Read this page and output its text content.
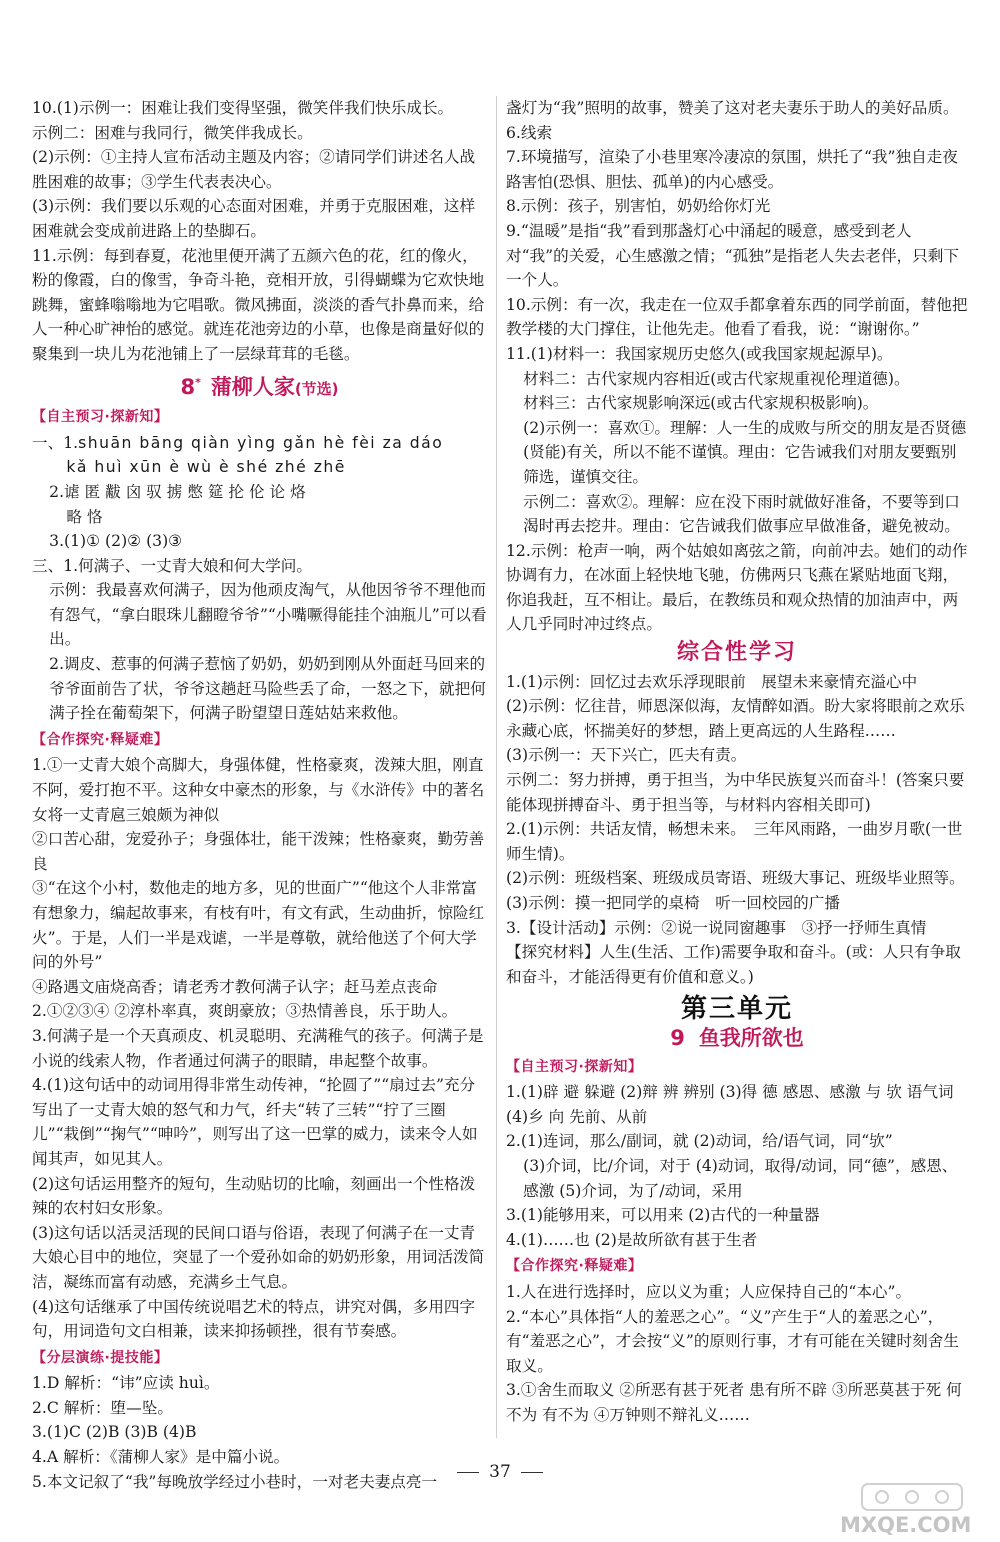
10.(1)示例一：困难让我们变得坚强，微笑伴我们快乐成长。

示例二：困难与我同行，微笑伴我成长。

(2)示例：①主持人宣布活动主题及内容；②请同学们讲述名人战胜困难的故事；③学生代表表决心。

(3)示例：我们要以乐观的心态面对困难，并勇于克服困难，这样困难就会变成前进路上的垫脚石。

11.示例：每到春夏，花池里便开满了五颜六色的花，红的像火，粉的像霞，白的像雪，争奇斗艳，竞相开放，引得蝴蝶为它欢快地跳舞，蜜蜂嗡嗡地为它唱歌。微风拂面，淡淡的香气扑鼻而来，给人一种心旷神怡的感觉。就连花池旁边的小草，也像是商量好似的聚集到一块儿为花池铺上了一层绿茸茸的毛毯。

8* 蒲柳人家(节选)
【自主预习·探新知】

一、1.shuān bāng qiàn yìng gǎn hè fèi za dáo

kǎ huì xūn è wù è shé zhé zhē

2.谑 匿 黻 囟 驭 掳 憋 筵 抡 伦 论 烙

略 恪

3.(1)① (2)② (3)③

三、1.何满子、一丈青大娘和何大学问。

示例：我最喜欢何满子，因为他顽皮淘气，从他因爷爷不理他而有怨气，“拿白眼珠儿翻瞪爷爷”“小嘴噘得能挂个油瓶儿”可以看出。

2.调皮、惹事的何满子惹恼了奶奶，奶奶到刚从外面赶马回来的爷爷面前告了状，爷爷这趟赶马险些丢了命，一怒之下，就把何满子拴在葡萄架下，何满子盼望望日莲姑姑来救他。

【合作探究·释疑难】

1.①一丈青大娘个高脚大，身强体健，性格豪爽，泼辣大胆，刚直不阿，爱打抱不平。这种女中豪杰的形象，与《水浒传》中的著名女将一丈青扈三娘颇为神似

②口苦心甜，宠爱孙子；身强体壮，能干泼辣；性格豪爽，勤劳善良

③“在这个小村，数他走的地方多，见的世面广”“他这个人非常富有想象力，编起故事来，有枝有叶，有文有武，生动曲折，惊险红火”。于是，人们一半是戏谑，一半是尊敬，就给他送了个何大学问的外号”

④路遇文庙烧高香；请老秀才教何满子认字；赶马差点丧命

2.①②③④ ②淳朴率真，爽朗豪放；③热情善良，乐于助人。

3.何满子是一个天真顽皮、机灵聪明、充满稚气的孩子。何满子是小说的线索人物，作者通过何满子的眼睛，串起整个故事。

4.(1)这句话中的动词用得非常生动传神，“抡圆了”“扇过去”充分写出了一丈青大娘的怒气和力气，纤夫“转了三转”“拧了三圈儿”“栽倒”“掬气”“呻吟”，则写出了这一巴掌的威力，读来令人如闻其声，如见其人。

(2)这句话运用整齐的短句，生动贴切的比喻，刻画出一个性格泼辣的农村妇女形象。

(3)这句话以活灵活现的民间口语与俗语，表现了何满子在一丈青大娘心目中的地位，突显了一个爱孙如命的奶奶形象，用词活泼简洁，凝练而富有动感，充满乡土气息。

(4)这句话继承了中国传统说唱艺术的特点，讲究对偶，多用四字句，用词造句文白相兼，读来抑扬顿挫，很有节奏感。

【分层演练·提技能】

1.D 解析：“讳”应读 huì。

2.C 解析：堕—坠。

3.(1)C (2)B (3)B (4)B

4.A 解析：《蒲柳人家》是中篇小说。

5.本文记叙了“我”每晚放学经过小巷时，一对老夫妻点亮一

盏灯为“我”照明的故事，赞美了这对老夫妻乐于助人的美好品质。

6.线索

7.环境描写，渲染了小巷里寒冷凄凉的氛围，烘托了“我”独自走夜路害怕(恐惧、胆怯、孤单)的内心感受。

8.示例：孩子，别害怕，奶奶给你灯光

9.“温暖”是指“我”看到那盏灯心中涌起的暖意，感受到老人对“我”的关爱，心生感激之情；“孤独”是指老人失去老伴，只剩下一个人。

10.示例：有一次，我走在一位双手都拿着东西的同学前面，替他把教学楼的大门撑住，让他先走。他看了看我，说：“谢谢你。”

11.(1)材料一：我国家规历史悠久(或我国家规起源早)。

材料二：古代家规内容相近(或古代家规重视伦理道德)。

材料三：古代家规影响深远(或古代家规积极影响)。

(2)示例一：喜欢①。理解：人一生的成败与所交的朋友是否贤德(贤能)有关，所以不能不谨慎。理由：它告诫我们对朋友要甄别筛选，谨慎交往。

示例二：喜欢②。理解：应在没下雨时就做好准备，不要等到口渴时再去挖井。理由：它告诫我们做事应早做准备，避免被动。

12.示例：枪声一响，两个姑娘如离弦之箭，向前冲去。她们的动作协调有力，在冰面上轻快地飞驰，仿佛两只飞燕在紧贴地面飞翔，你追我赶，互不相让。最后，在教练员和观众热情的加油声中，两人几乎同时冲过终点。

综合性学习

1.(1)示例：回忆过去欢乐浮现眼前　展望未来豪情充溢心中

(2)示例：忆往昔，师恩深似海，友情醉如酒。盼大家将眼前之欢乐永藏心底，怀揣美好的梦想，踏上更高远的人生路程……

(3)示例一：天下兴亡，匹夫有责。

示例二：努力拼搏，勇于担当，为中华民族复兴而奋斗！(答案只要能体现拼搏奋斗、勇于担当等，与材料内容相关即可)

2.(1)示例：共话友情，畅想未来。　三年风雨路，一曲岁月歌(一世师生情)。

(2)示例：班级档案、班级成员寄语、班级大事记、班级毕业照等。

(3)示例：摸一把同学的桌椅　听一回校园的广播

3.【设计活动】示例：②说一说同窗趣事　③抒一抒师生真情

【探究材料】人生(生活、工作)需要争取和奋斗。(或：人只有争取和奋斗，才能活得更有价值和意义。)

第三单元
9 鱼我所欲也
【自主预习·探新知】

1.(1)辟 避 躲避 (2)辩 辨 辨别 (3)得 德 感恩、感激 与 欤 语气词 (4)乡 向 先前、从前

2.(1)连词，那么/副词，就 (2)动词，给/语气词，同“欤”

(3)介词，比/介词，对于 (4)动词，取得/动词，同“德”，感恩、感激 (5)介词，为了/动词，采用

3.(1)能够用来，可以用来 (2)古代的一种量器

4.(1)……也 (2)是故所欲有甚于生者

【合作探究·释疑难】

1.人在进行选择时，应以义为重；人应保持自己的“本心”。

2.“本心”具体指“人的羞恶之心”。“义”产生于“人的羞恶之心”，有“羞恶之心”，才会按“义”的原则行事，才有可能在关键时刻舍生取义。

3.①舍生而取义 ②所恶有甚于死者 患有所不辟 ③所恶莫甚于死 何不为 有不为 ④万钟则不辩礼义……

37
MXQE.COM
